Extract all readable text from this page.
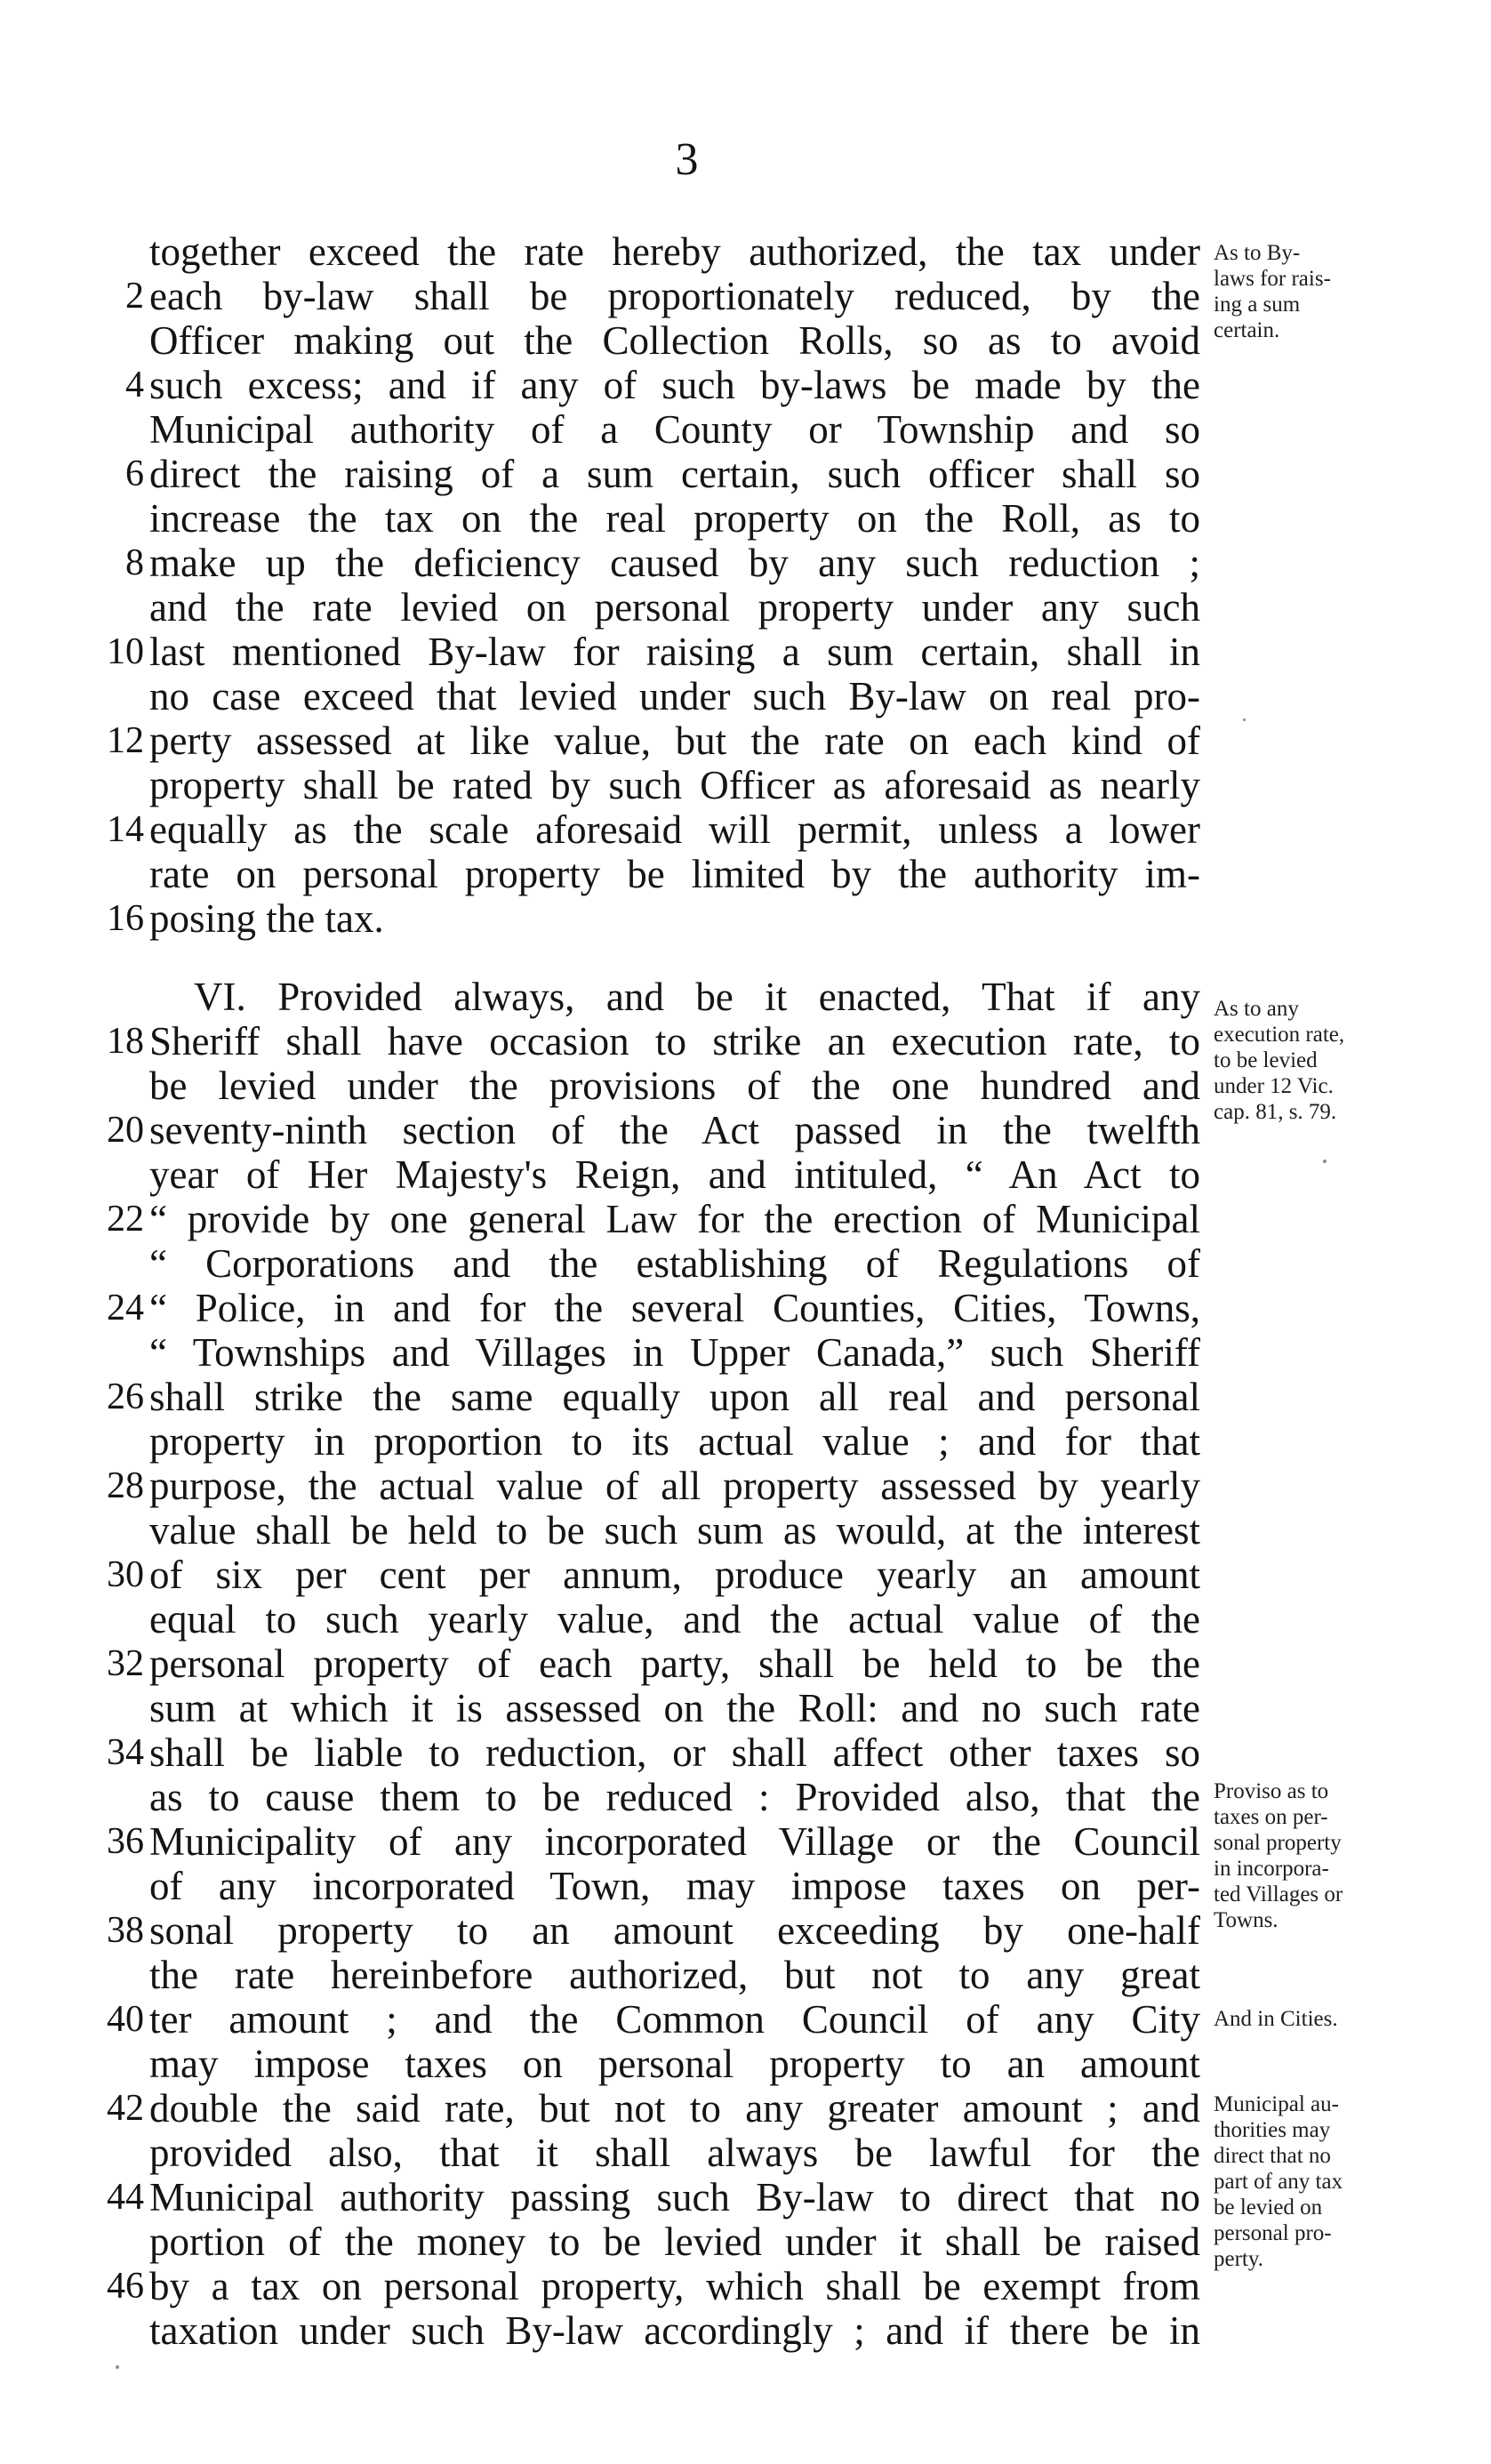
3
together exceed the rate hereby authorized, the tax under
2 each by-law shall be proportionately reduced, by the
Officer making out the Collection Rolls, so as to avoid
4 such excess; and if any of such by-laws be made by the
Municipal authority of a County or Township and so
6 direct the raising of a sum certain, such officer shall so
increase the tax on the real property on the Roll, as to
8 make up the deficiency caused by any such reduction ;
and the rate levied on personal property under any such
10 last mentioned By-law for raising a sum certain, shall in
no case exceed that levied under such By-law on real pro-
12 perty assessed at like value, but the rate on each kind of
property shall be rated by such Officer as aforesaid as nearly
14 equally as the scale aforesaid will permit, unless a lower
rate on personal property be limited by the authority im-
16 posing the tax.
VI. Provided always, and be it enacted, That if any
18 Sheriff shall have occasion to strike an execution rate, to
be levied under the provisions of the one hundred and
20 seventy-ninth section of the Act passed in the twelfth
year of Her Majesty's Reign, and intituled, “ An Act to
22 “ provide by one general Law for the erection of Municipal
“ Corporations and the establishing of Regulations of
24 “ Police, in and for the several Counties, Cities, Towns,
“ Townships and Villages in Upper Canada,” such Sheriff
26 shall strike the same equally upon all real and personal
property in proportion to its actual value ; and for that
28 purpose, the actual value of all property assessed by yearly
value shall be held to be such sum as would, at the interest
30 of six per cent per annum, produce yearly an amount
equal to such yearly value, and the actual value of the
32 personal property of each party, shall be held to be the
sum at which it is assessed on the Roll: and no such rate
34 shall be liable to reduction, or shall affect other taxes so
as to cause them to be reduced : Provided also, that the
36 Municipality of any incorporated Village or the Council
of any incorporated Town, may impose taxes on per-
38 sonal property to an amount exceeding by one-half
the rate hereinbefore authorized, but not to any great
40 ter amount ; and the Common Council of any City
may impose taxes on personal property to an amount
42 double the said rate, but not to any greater amount ; and
provided also, that it shall always be lawful for the
44 Municipal authority passing such By-law to direct that no
portion of the money to be levied under it shall be raised
46 by a tax on personal property, which shall be exempt from
taxation under such By-law accordingly ; and if there be in
As to By-
laws for rais-
ing a sum
certain.
As to any
execution rate,
to be levied
under 12 Vic.
cap. 81, s. 79.
Proviso as to
taxes on per-
sonal property
in incorpora-
ted Villages or
Towns.
And in Cities.
Municipal au-
thorities may
direct that no
part of any tax
be levied on
personal pro-
perty.
